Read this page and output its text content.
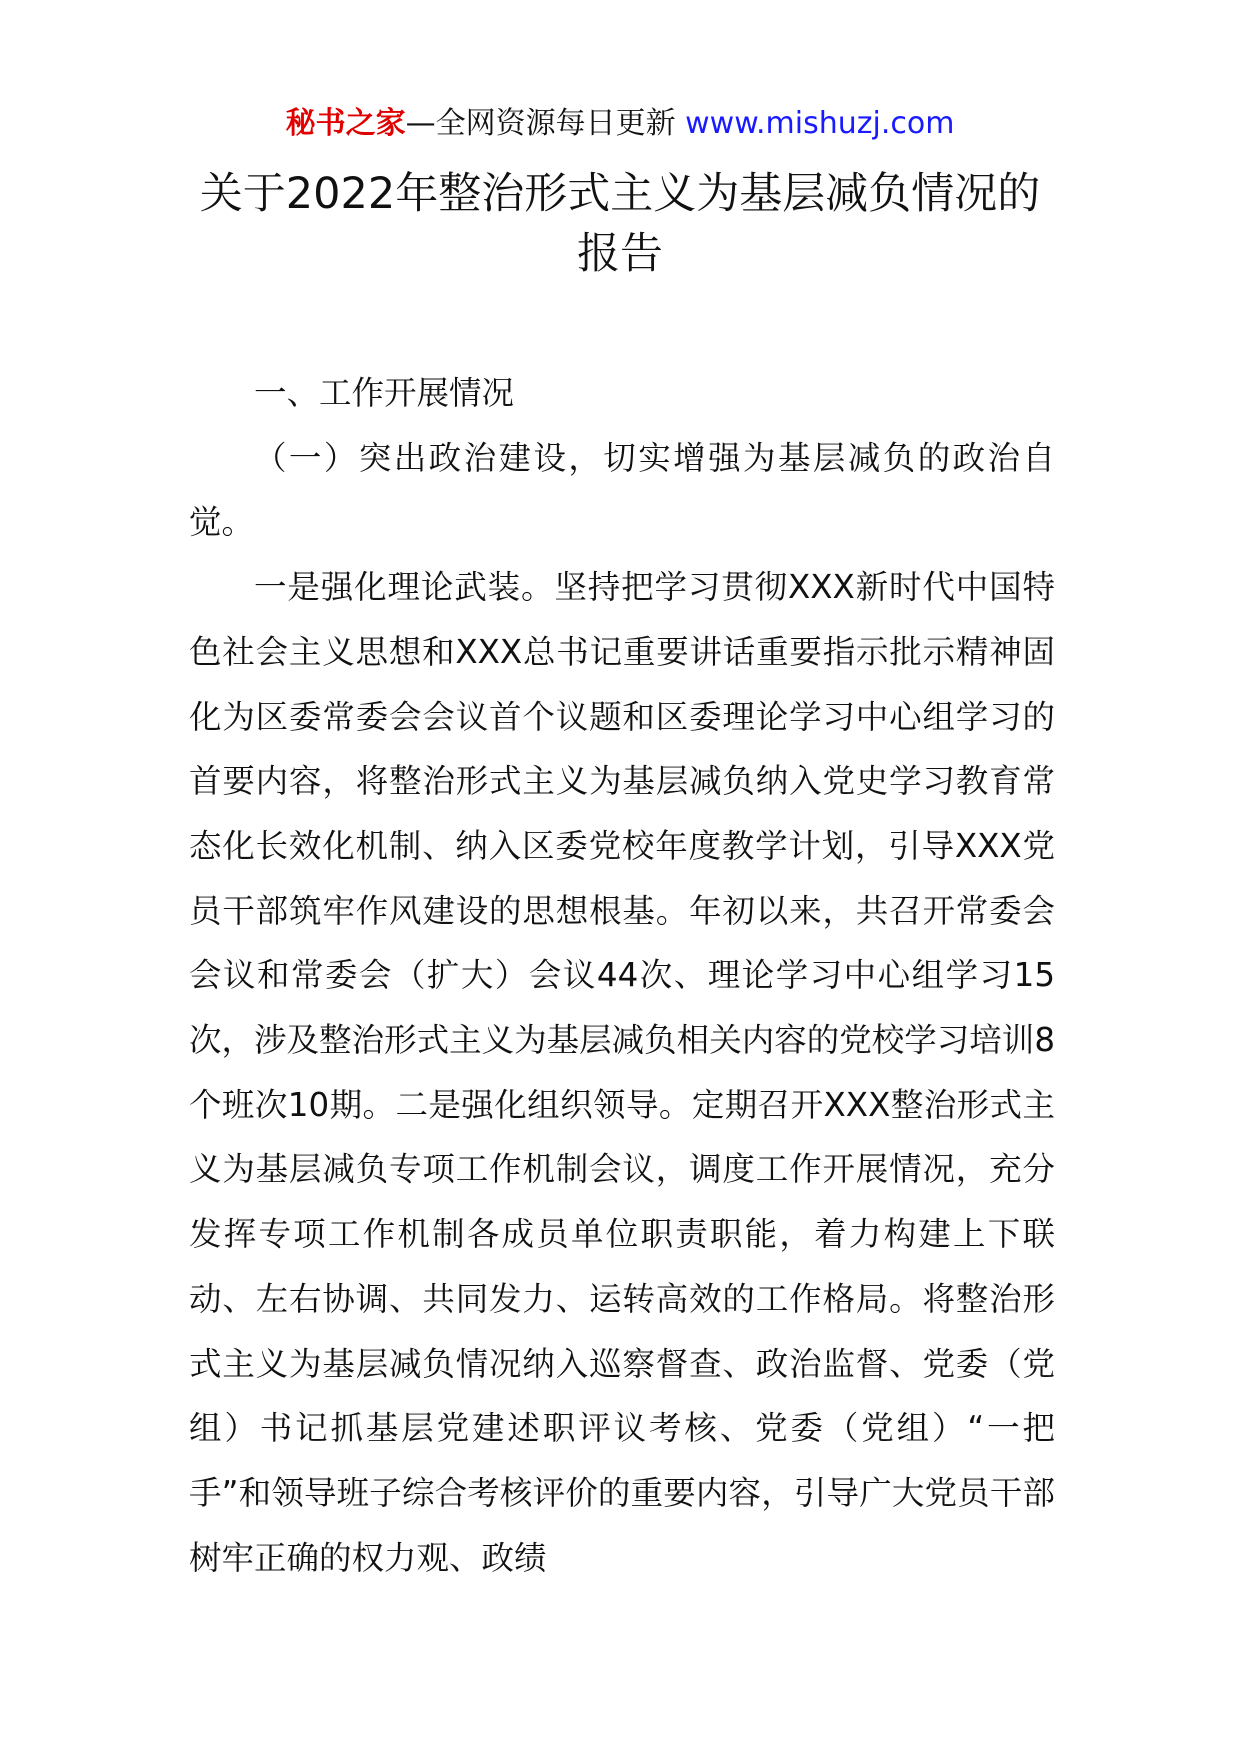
秘书之家—全网资源每日更新 www.mishuzj.com
关于2022年整治形式主义为基层减负情况的报告

一、工作开展情况

（一）突出政治建设，切实增强为基层减负的政治自觉。

一是强化理论武装。坚持把学习贯彻XXX新时代中国特色社会主义思想和XXX总书记重要讲话重要指示批示精神固化为区委常委会会议首个议题和区委理论学习中心组学习的首要内容，将整治形式主义为基层减负纳入党史学习教育常态化长效化机制、纳入区委党校年度教学计划，引导XXX党员干部筑牢作风建设的思想根基。年初以来，共召开常委会会议和常委会（扩大）会议44次、理论学习中心组学习15次，涉及整治形式主义为基层减负相关内容的党校学习培训8个班次10期。二是强化组织领导。定期召开XXX整治形式主义为基层减负专项工作机制会议，调度工作开展情况，充分发挥专项工作机制各成员单位职责职能，着力构建上下联动、左右协调、共同发力、运转高效的工作格局。将整治形式主义为基层减负情况纳入巡察督查、政治监督、党委（党组）书记抓基层党建述职评议考核、党委（党组）“一把手”和领导班子综合考核评价的重要内容，引导广大党员干部树牢正确的权力观、政绩
